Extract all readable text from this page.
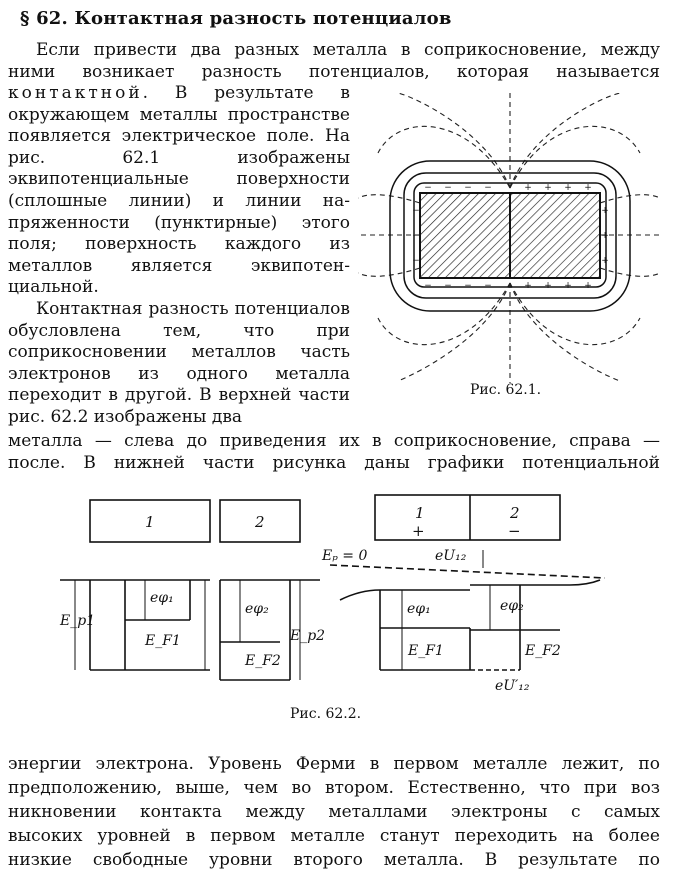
§ 62. Контактная разность потенциалов
Если привести два разных металла в соприкосновение, между
ними возникает разность потенциалов, которая называется

контактной. В результате в окружающем металлы пространстве появляется электрическое поле. На рис. 62.1 изображены эквипотенциальные поверхности (сплошные линии) и линии напряженности (пунктирные) этого поля; поверхность каждого из металлов является эквипотенциальной.

Контактная разность потенциалов обусловлена тем, что при соприкосновении металлов часть электронов из одного металла переходит в другой. В верхней части рис. 62.2 изображены два

− − − −
− − − −
−
−
−
+ + + +
+ + + +
+
+
+
Рис. 62.1.
металла — слева до приведения их в соприкосновение, справа —
после. В нижней части рисунка даны графики потенциальной
1	2	1	2
+	−
Eₚ = 0	eU₁₂
eφ₁
eφ₂
E_F1
E_F2
E_p1
E_p2
eφ₁	eφ₂
E_F1	E_F2
eU′₁₂
Рис. 62.2.
энергии электрона. Уровень Ферми в первом металле лежит, по
предположению, выше, чем во втором. Естественно, что при воз
никновении контакта между металлами электроны с самых
высоких уровней в первом металле станут переходить на более
низкие свободные уровни второго металла. В результате по
